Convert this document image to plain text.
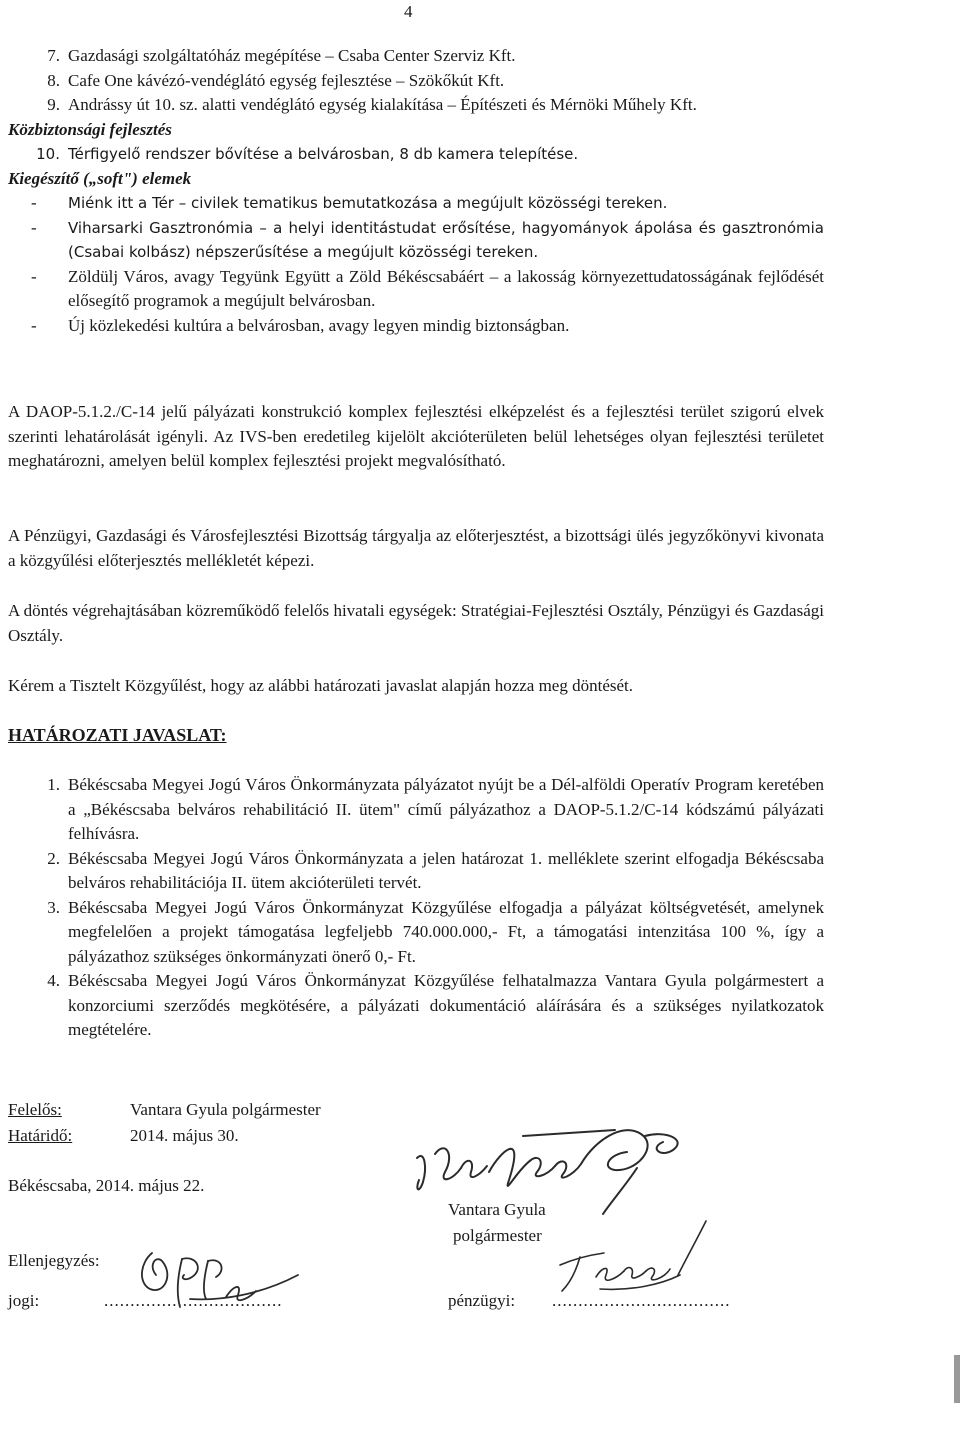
4
7. Gazdasági szolgáltatóház megépítése – Csaba Center Szerviz Kft.
8. Cafe One kávézó-vendéglátó egység fejlesztése – Szökőkút Kft.
9. Andrássy út 10. sz. alatti vendéglátó egység kialakítása – Építészeti és Mérnöki Műhely Kft.
Közbiztonsági fejlesztés
10. Térfigyelő rendszer bővítése a belvárosban, 8 db kamera telepítése.
Kiegészítő („soft") elemek
-	Miénk itt a Tér – civilek tematikus bemutatkozása a megújult közösségi tereken.
-	Viharsarki Gasztronómia – a helyi identitástudat erősítése, hagyományok ápolása és gasztronómia (Csabai kolbász) népszerűsítése a megújult közösségi tereken.
-	Zöldülj Város, avagy Tegyünk Együtt a Zöld Békéscsabáért – a lakosság környezettudatosságának fejlődését elősegítő programok a megújult belvárosban.
-	Új közlekedési kultúra a belvárosban, avagy legyen mindig biztonságban.
A DAOP-5.1.2./C-14 jelű pályázati konstrukció komplex fejlesztési elképzelést és a fejlesztési terület szigorú elvek szerinti lehatárolását igényli. Az IVS-ben eredetileg kijelölt akcióterületen belül lehetséges olyan fejlesztési területet meghatározni, amelyen belül komplex fejlesztési projekt megvalósítható.
A Pénzügyi, Gazdasági és Városfejlesztési Bizottság tárgyalja az előterjesztést, a bizottsági ülés jegyzőkönyvi kivonata a közgyűlési előterjesztés mellékletét képezi.
A döntés végrehajtásában közreműködő felelős hivatali egységek: Stratégiai-Fejlesztési Osztály, Pénzügyi és Gazdasági Osztály.
Kérem a Tisztelt Közgyűlést, hogy az alábbi határozati javaslat alapján hozza meg döntését.
HATÁROZATI JAVASLAT:
1. Békéscsaba Megyei Jogú Város Önkormányzata pályázatot nyújt be a Dél-alföldi Operatív Program keretében a „Békéscsaba belváros rehabilitáció II. ütem" című pályázathoz a DAOP-5.1.2/C-14 kódszámú pályázati felhívásra.
2. Békéscsaba Megyei Jogú Város Önkormányzata a jelen határozat 1. melléklete szerint elfogadja Békéscsaba belváros rehabilitációja II. ütem akcióterületi tervét.
3. Békéscsaba Megyei Jogú Város Önkormányzat Közgyűlése elfogadja a pályázat költségvetését, amelynek megfelelően a projekt támogatása legfeljebb 740.000.000,- Ft, a támogatási intenzitása 100 %, így a pályázathoz szükséges önkormányzati önerő 0,- Ft.
4. Békéscsaba Megyei Jogú Város Önkormányzat Közgyűlése felhatalmazza Vantara Gyula polgármestert a konzorciumi szerződés megkötésére, a pályázati dokumentáció aláírására és a szükséges nyilatkozatok megtételére.
Felelős:	Vantara Gyula polgármester
Határidő:	2014. május 30.
Békéscsaba, 2014. május 22.
Vantara Gyula
polgármester
Ellenjegyzés:
jogi:	..................................	pénzügyi: ..................................
